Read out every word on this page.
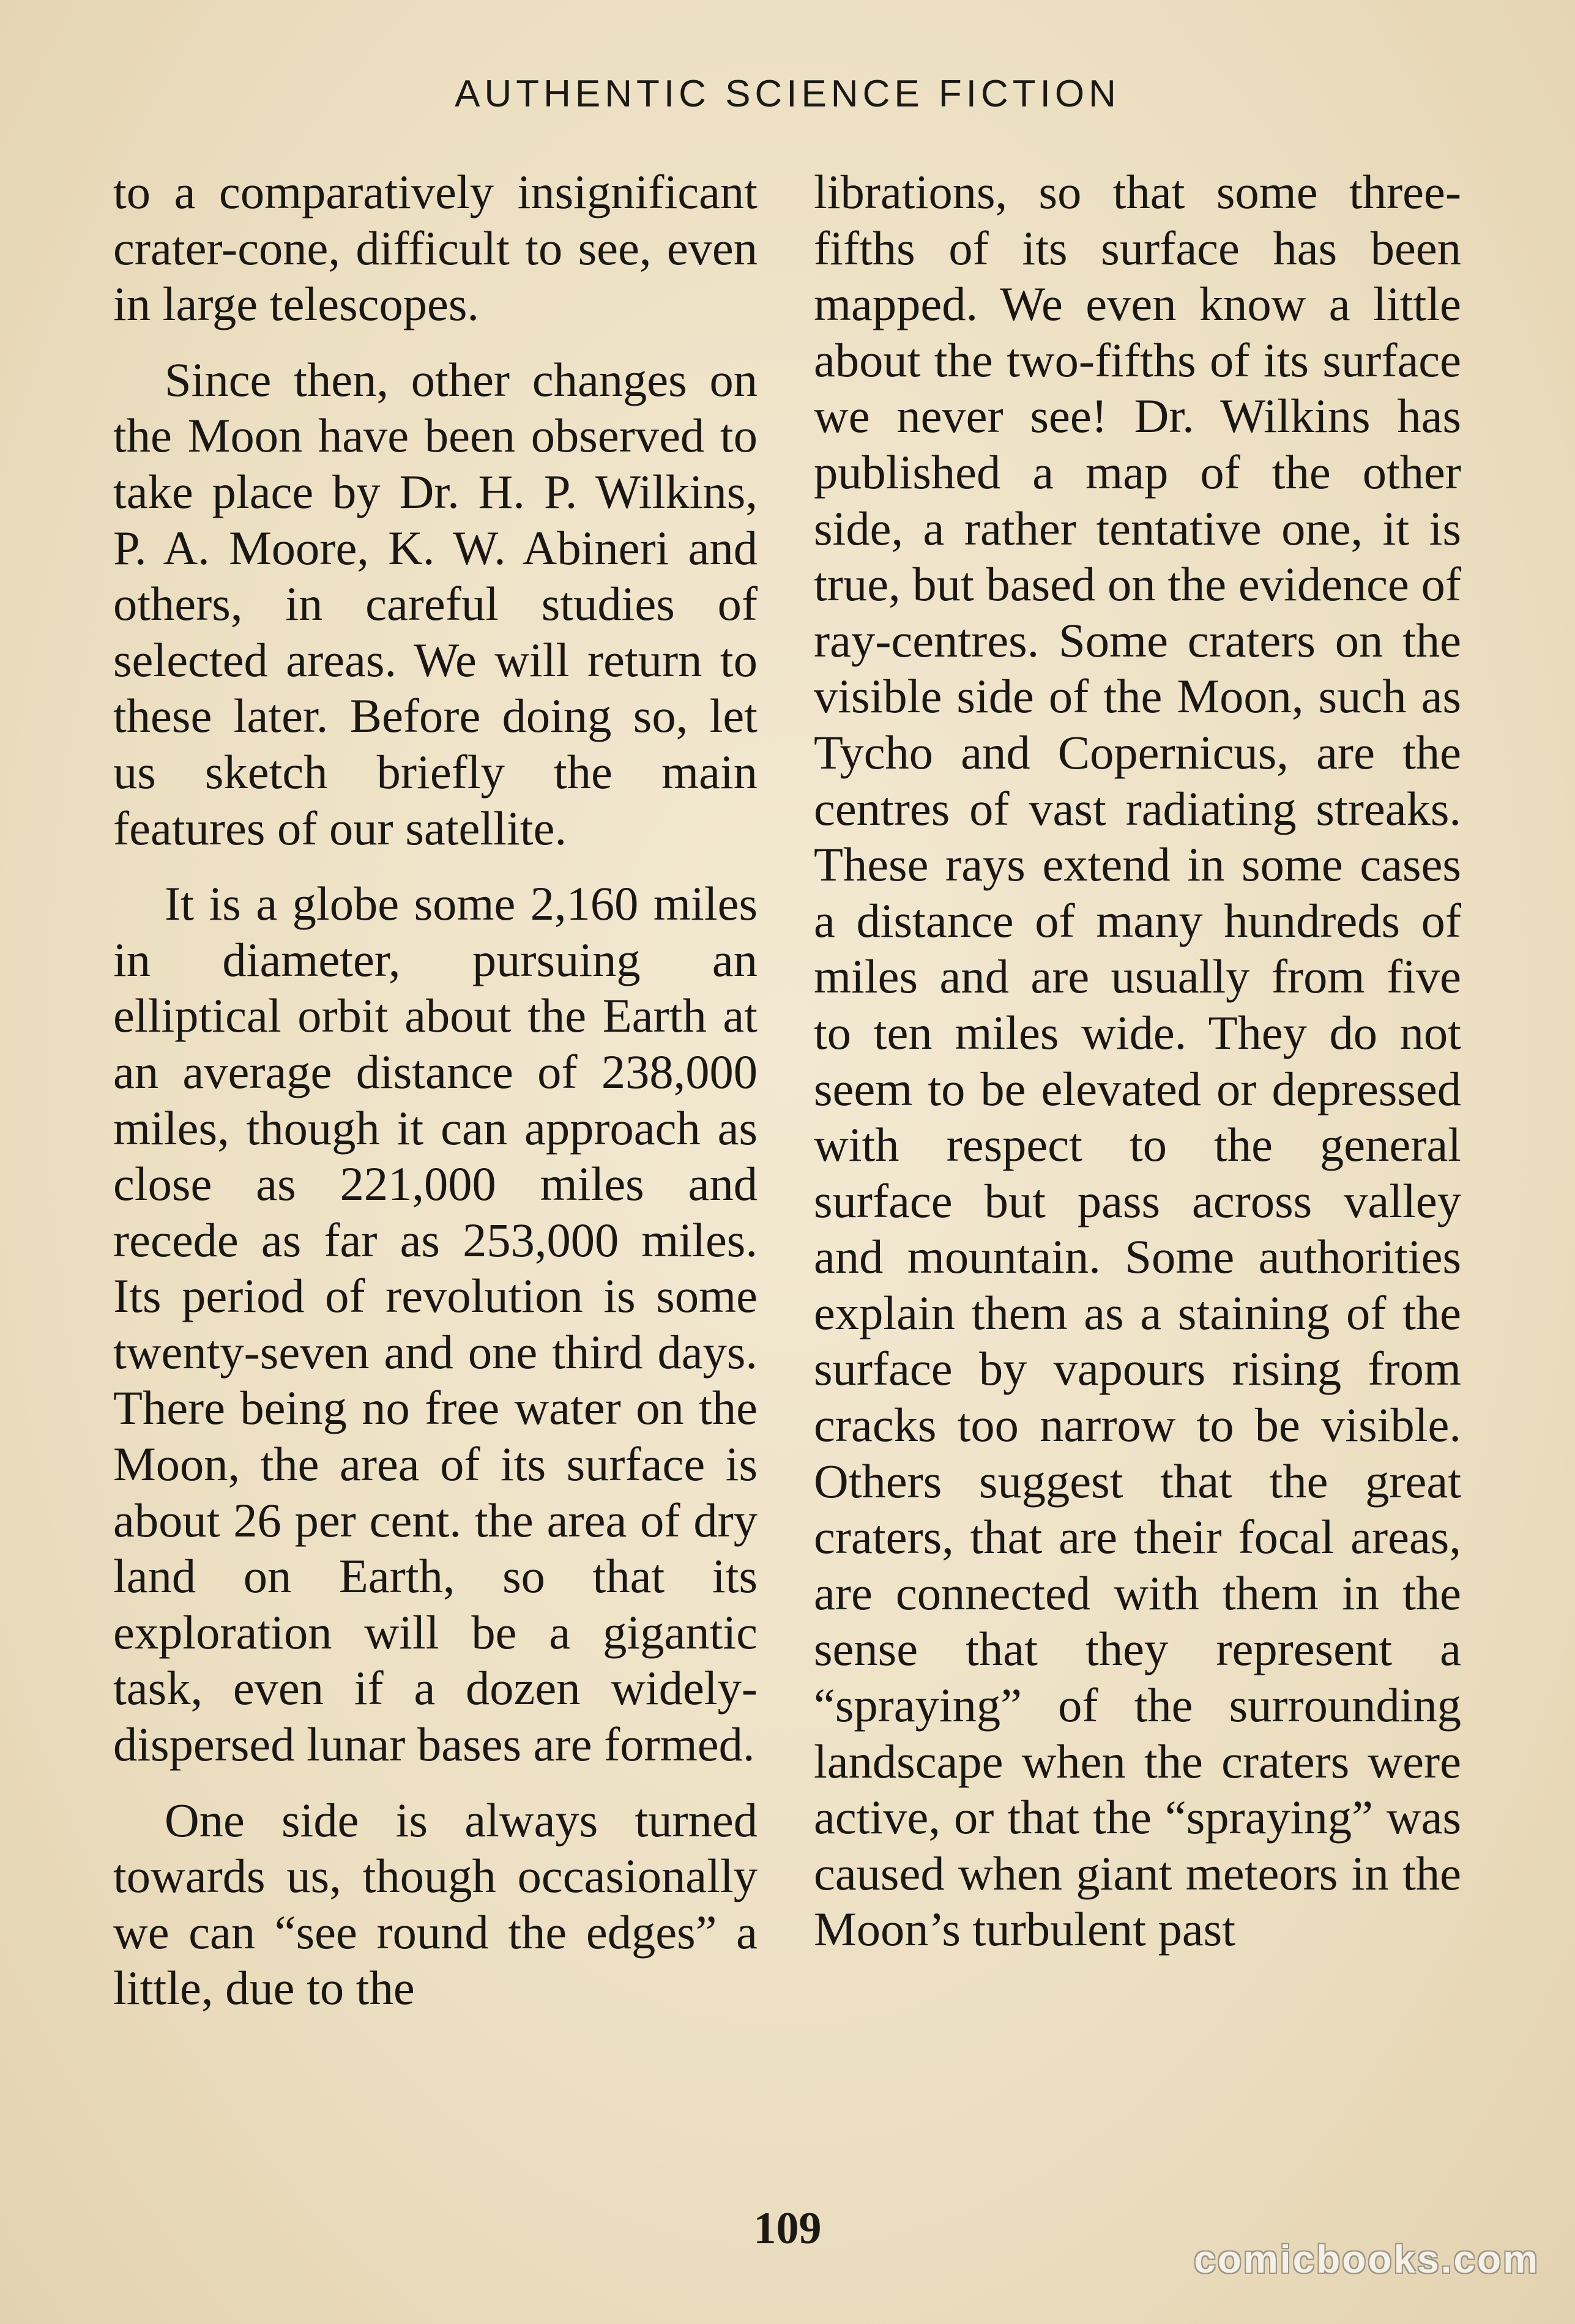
AUTHENTIC SCIENCE FICTION

to a comparatively insignificant crater-cone, difficult to see, even in large telescopes.

Since then, other changes on the Moon have been observed to take place by Dr. H. P. Wilkins, P. A. Moore, K. W. Abineri and others, in careful studies of selected areas. We will return to these later. Before doing so, let us sketch briefly the main features of our satellite.

It is a globe some 2,160 miles in diameter, pursuing an elliptical orbit about the Earth at an average distance of 238,000 miles, though it can approach as close as 221,000 miles and recede as far as 253,000 miles. Its period of revolution is some twenty-seven and one third days. There being no free water on the Moon, the area of its surface is about 26 per cent. the area of dry land on Earth, so that its exploration will be a gigantic task, even if a dozen widely-dispersed lunar bases are formed.

One side is always turned towards us, though occasionally we can “see round the edges” a little, due to the

librations, so that some three-fifths of its surface has been mapped. We even know a little about the two-fifths of its surface we never see! Dr. Wilkins has published a map of the other side, a rather tentative one, it is true, but based on the evidence of ray-centres. Some craters on the visible side of the Moon, such as Tycho and Copernicus, are the centres of vast radiating streaks. These rays extend in some cases a distance of many hundreds of miles and are usually from five to ten miles wide. They do not seem to be elevated or depressed with respect to the general surface but pass across valley and mountain. Some authorities explain them as a staining of the surface by vapours rising from cracks too narrow to be visible. Others suggest that the great craters, that are their focal areas, are connected with them in the sense that they represent a “spraying” of the surrounding landscape when the craters were active, or that the “spraying” was caused when giant meteors in the Moon’s turbulent past

109
comicbooks.com
